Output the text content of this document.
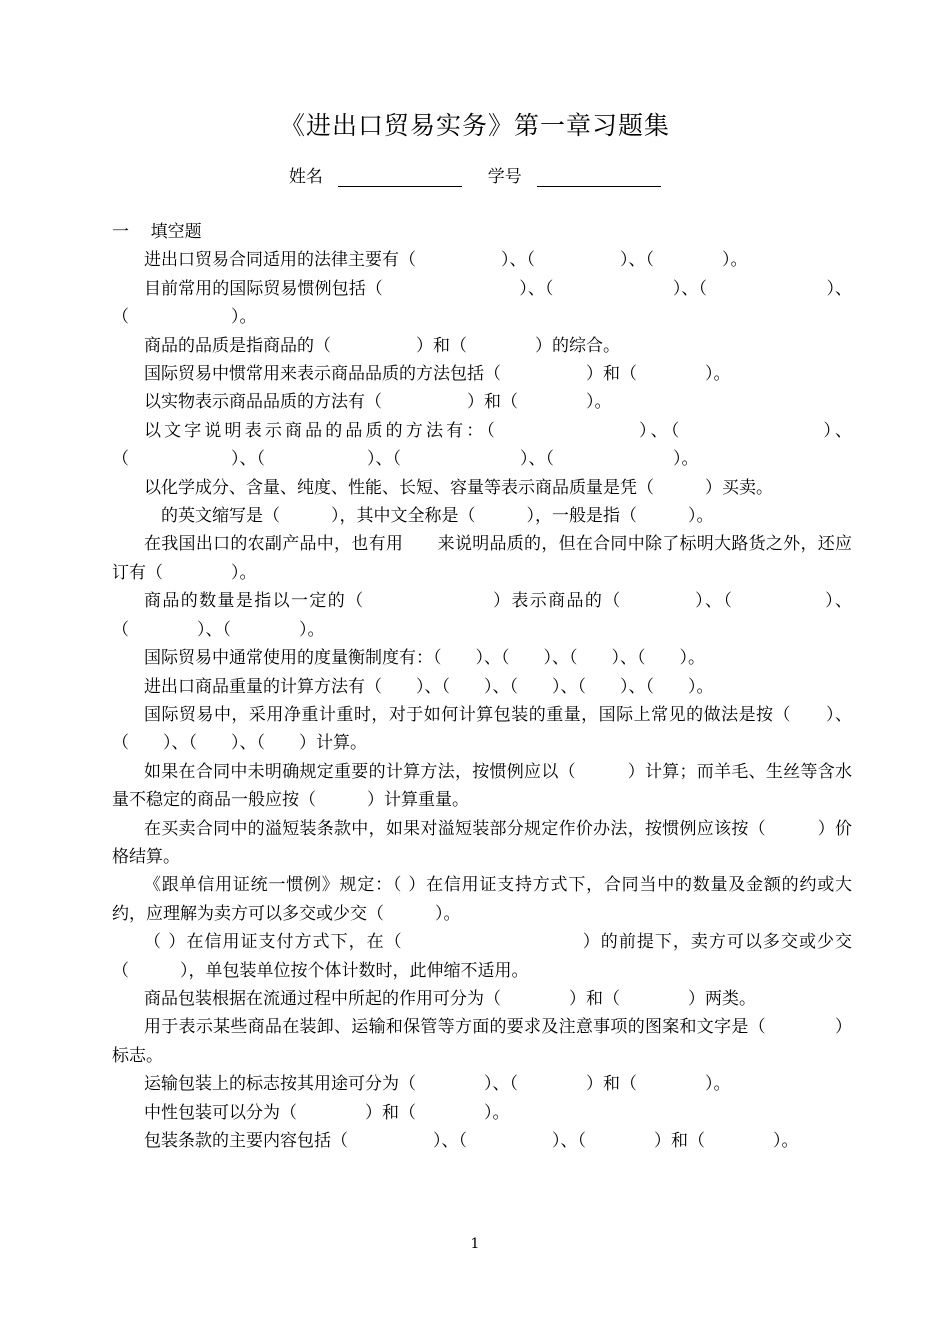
《进出口贸易实务》第一章习题集
姓名	学号
一 填空题

进出口贸易合同适用的法律主要有（　　　　　）、（　　　　　）、（　　　　）。

目前常用的国际贸易惯例包括（　　　　　　　　）、（　　　　　　　）、（　　　　　　　）、（　　　　　　）。

商品的品质是指商品的（　　　　　）和（　　　　）的综合。

国际贸易中惯常用来表示商品品质的方法包括（　　　　　）和（　　　　）。

以实物表示商品品质的方法有（　　　　　）和（　　　　）。

以文字说明表示商品的品质的方法有：（　　　　　　　）、（　　　　　　　）、（　　　　　　）、（　　　　　　）、（　　　　　　　）、（　　　　　　　）。

以化学成分、含量、纯度、性能、长短、容量等表示商品质量是凭（　　　）买卖。

　的英文缩写是（　　　），其中文全称是（　　　），一般是指（　　　）。

在我国出口的农副产品中，也有用　　来说明品质的，但在合同中除了标明大路货之外，还应订有（　　　　）。

商品的数量是指以一定的（　　　　　　　）表示商品的（　　　　）、（　　　　　）、（　　　　）、（　　　　）。

国际贸易中通常使用的度量衡制度有：（　　）、（　　）、（　　）、（　　）。

进出口商品重量的计算方法有（　　）、（　　）、（　　）、（　　）、（　　）。

国际贸易中，采用净重计重时，对于如何计算包装的重量，国际上常见的做法是按（　　）、（　　）、（　　）、（　　）计算。

如果在合同中未明确规定重要的计算方法，按惯例应以（　　　）计算；而羊毛、生丝等含水量不稳定的商品一般应按（　　　）计算重量。

在买卖合同中的溢短装条款中，如果对溢短装部分规定作价办法，按惯例应该按（　　　）价格结算。

《跟单信用证统一惯例》规定：（ ）在信用证支持方式下，合同当中的数量及金额的约或大约，应理解为卖方可以多交或少交（　　　）。

（ ）在信用证支付方式下，在（　　　　　　　　　　）的前提下，卖方可以多交或少交（　　　），单包装单位按个体计数时，此伸缩不适用。

商品包装根据在流通过程中所起的作用可分为（　　　　）和（　　　　）两类。

用于表示某些商品在装卸、运输和保管等方面的要求及注意事项的图案和文字是（　　　　）标志。

运输包装上的标志按其用途可分为（　　　　）、（　　　　）和（　　　　）。

中性包装可以分为（　　　　）和（　　　　）。

包装条款的主要内容包括（　　　　　）、（　　　　　）、（　　　　）和（　　　　）。

1
